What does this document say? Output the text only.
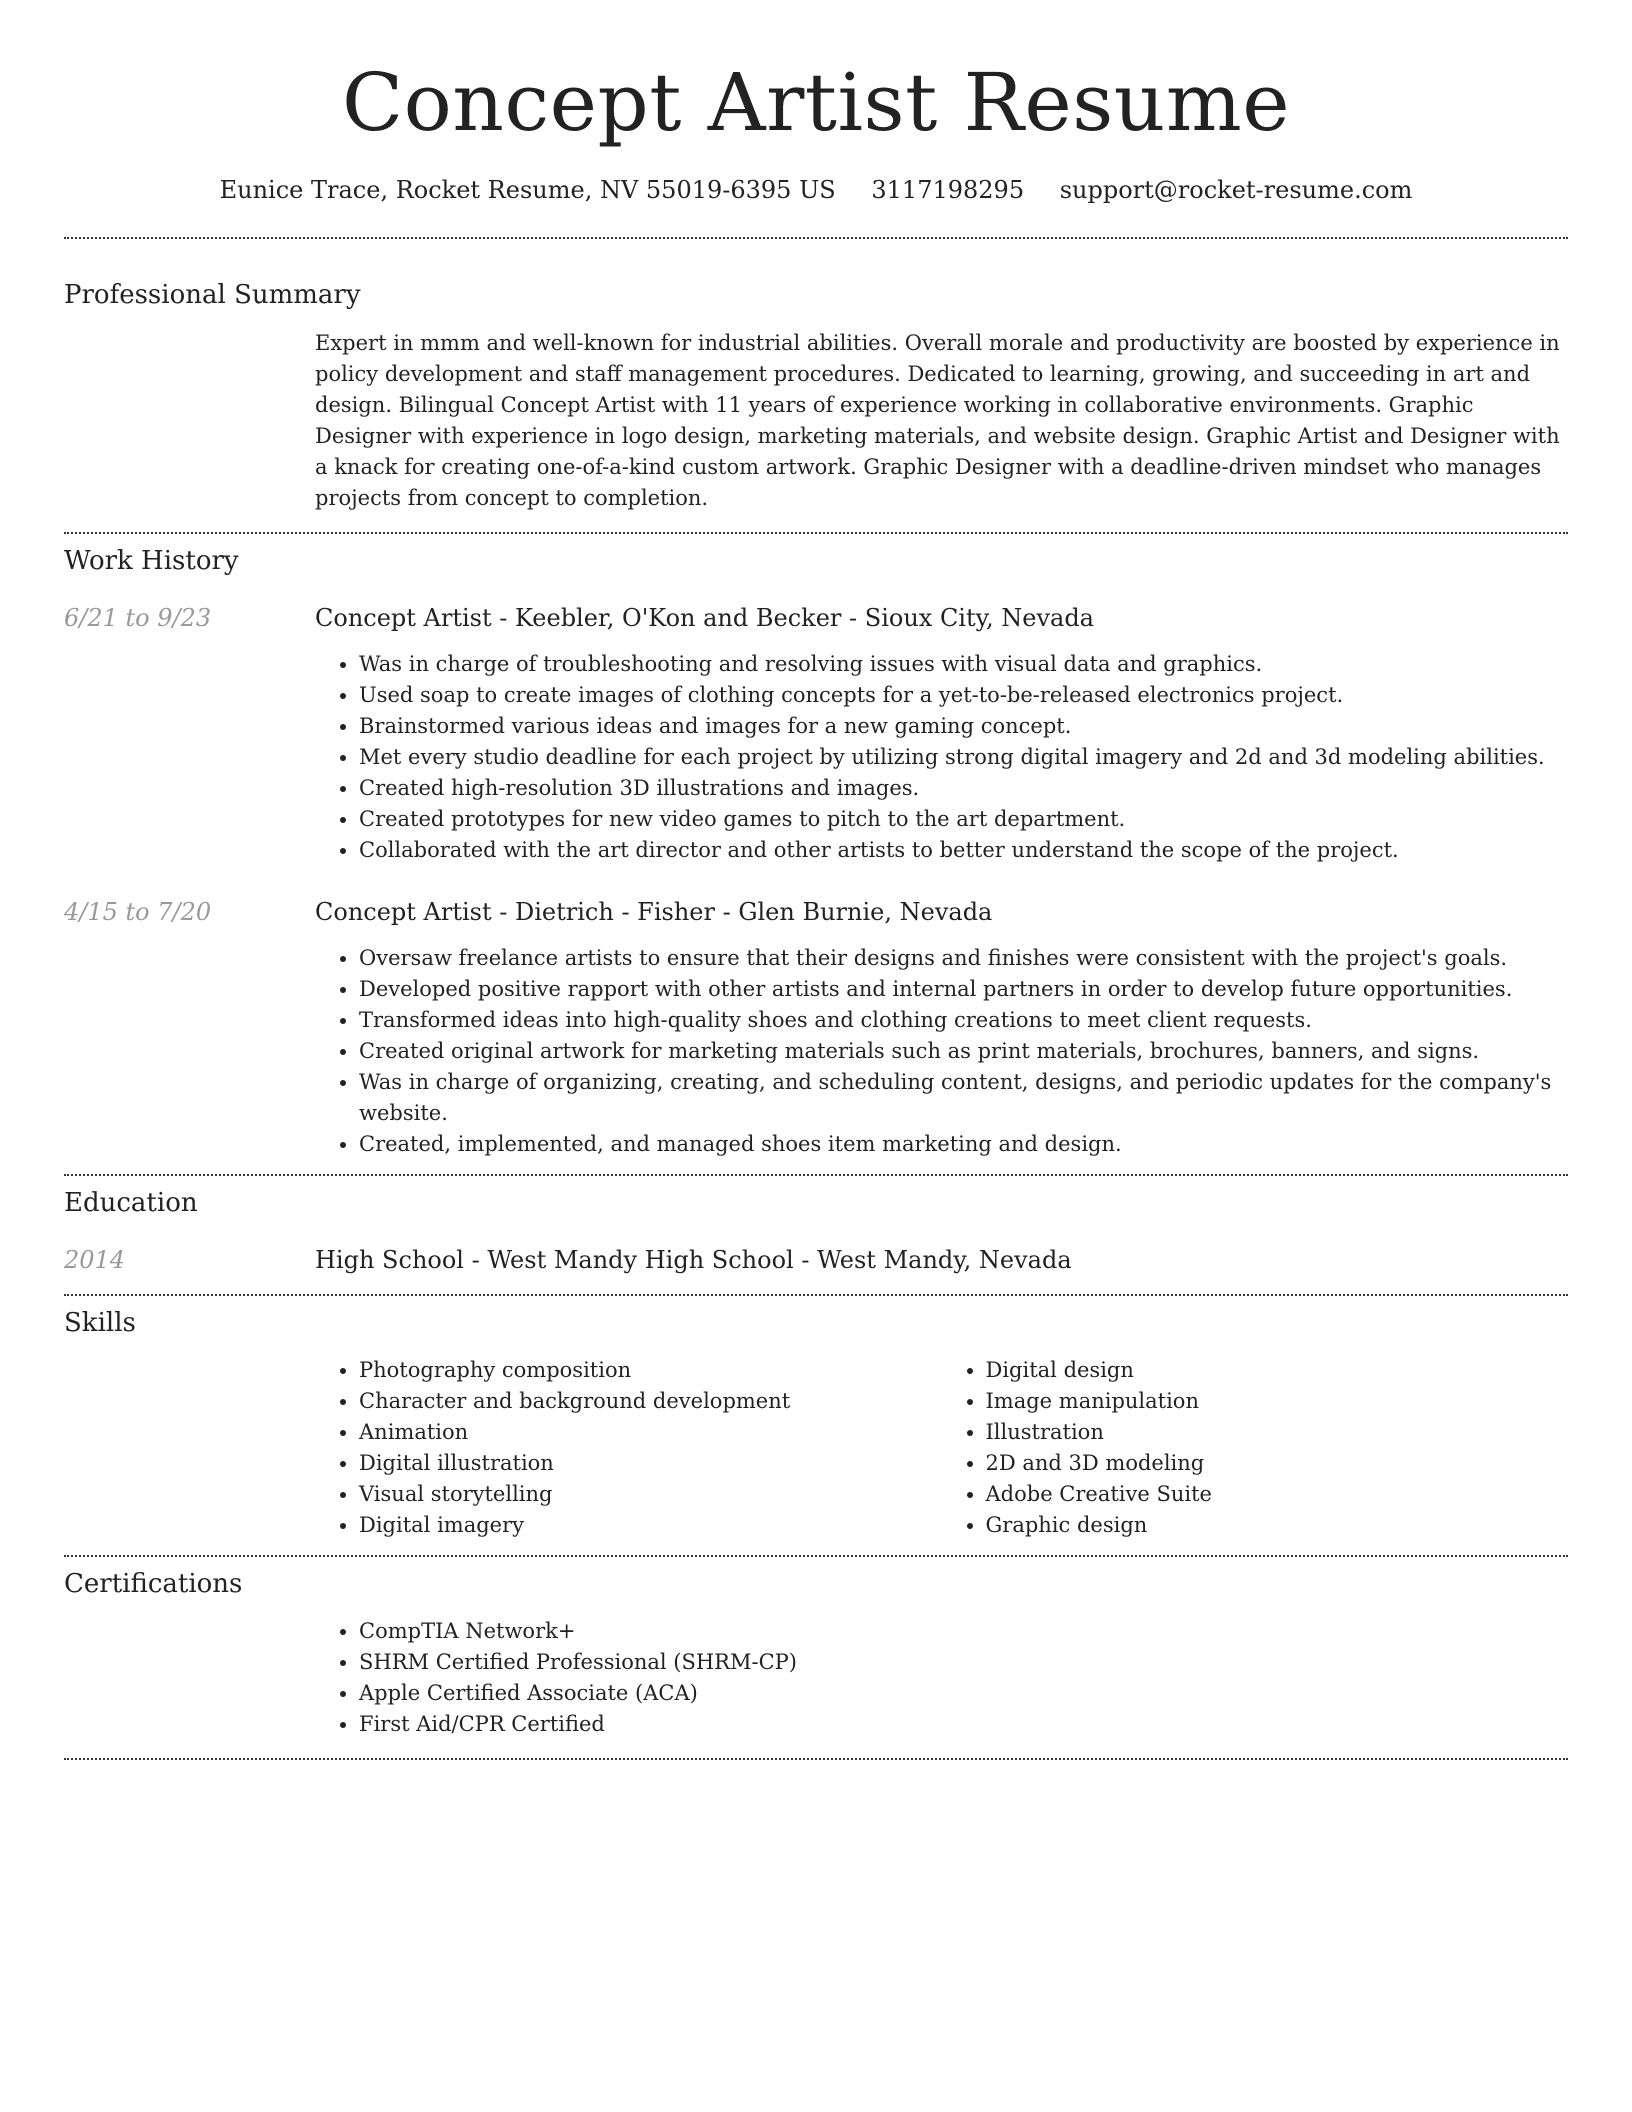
Concept Artist Resume
Eunice Trace, Rocket Resume, NV 55019-6395 US 3117198295 support@rocket-resume.com
Professional Summary
Expert in mmm and well-known for industrial abilities. Overall morale and productivity are boosted by experience in policy development and staff management procedures. Dedicated to learning, growing, and succeeding in art and design. Bilingual Concept Artist with 11 years of experience working in collaborative environments. Graphic Designer with experience in logo design, marketing materials, and website design. Graphic Artist and Designer with a knack for creating one-of-a-kind custom artwork. Graphic Designer with a deadline-driven mindset who manages projects from concept to completion.
Work History
6/21 to 9/23	Concept Artist - Keebler, O'Kon and Becker - Sioux City, Nevada
• Was in charge of troubleshooting and resolving issues with visual data and graphics.
• Used soap to create images of clothing concepts for a yet-to-be-released electronics project.
• Brainstormed various ideas and images for a new gaming concept.
• Met every studio deadline for each project by utilizing strong digital imagery and 2d and 3d modeling abilities.
• Created high-resolution 3D illustrations and images.
• Created prototypes for new video games to pitch to the art department.
• Collaborated with the art director and other artists to better understand the scope of the project.
4/15 to 7/20	Concept Artist - Dietrich - Fisher - Glen Burnie, Nevada
• Oversaw freelance artists to ensure that their designs and finishes were consistent with the project's goals.
• Developed positive rapport with other artists and internal partners in order to develop future opportunities.
• Transformed ideas into high-quality shoes and clothing creations to meet client requests.
• Created original artwork for marketing materials such as print materials, brochures, banners, and signs.
• Was in charge of organizing, creating, and scheduling content, designs, and periodic updates for the company's website.
• Created, implemented, and managed shoes item marketing and design.
Education
2014	High School - West Mandy High School - West Mandy, Nevada
Skills
• Photography composition
• Character and background development
• Animation
• Digital illustration
• Visual storytelling
• Digital imagery
• Digital design
• Image manipulation
• Illustration
• 2D and 3D modeling
• Adobe Creative Suite
• Graphic design
Certifications
• CompTIA Network+
• SHRM Certified Professional (SHRM-CP)
• Apple Certified Associate (ACA)
• First Aid/CPR Certified
